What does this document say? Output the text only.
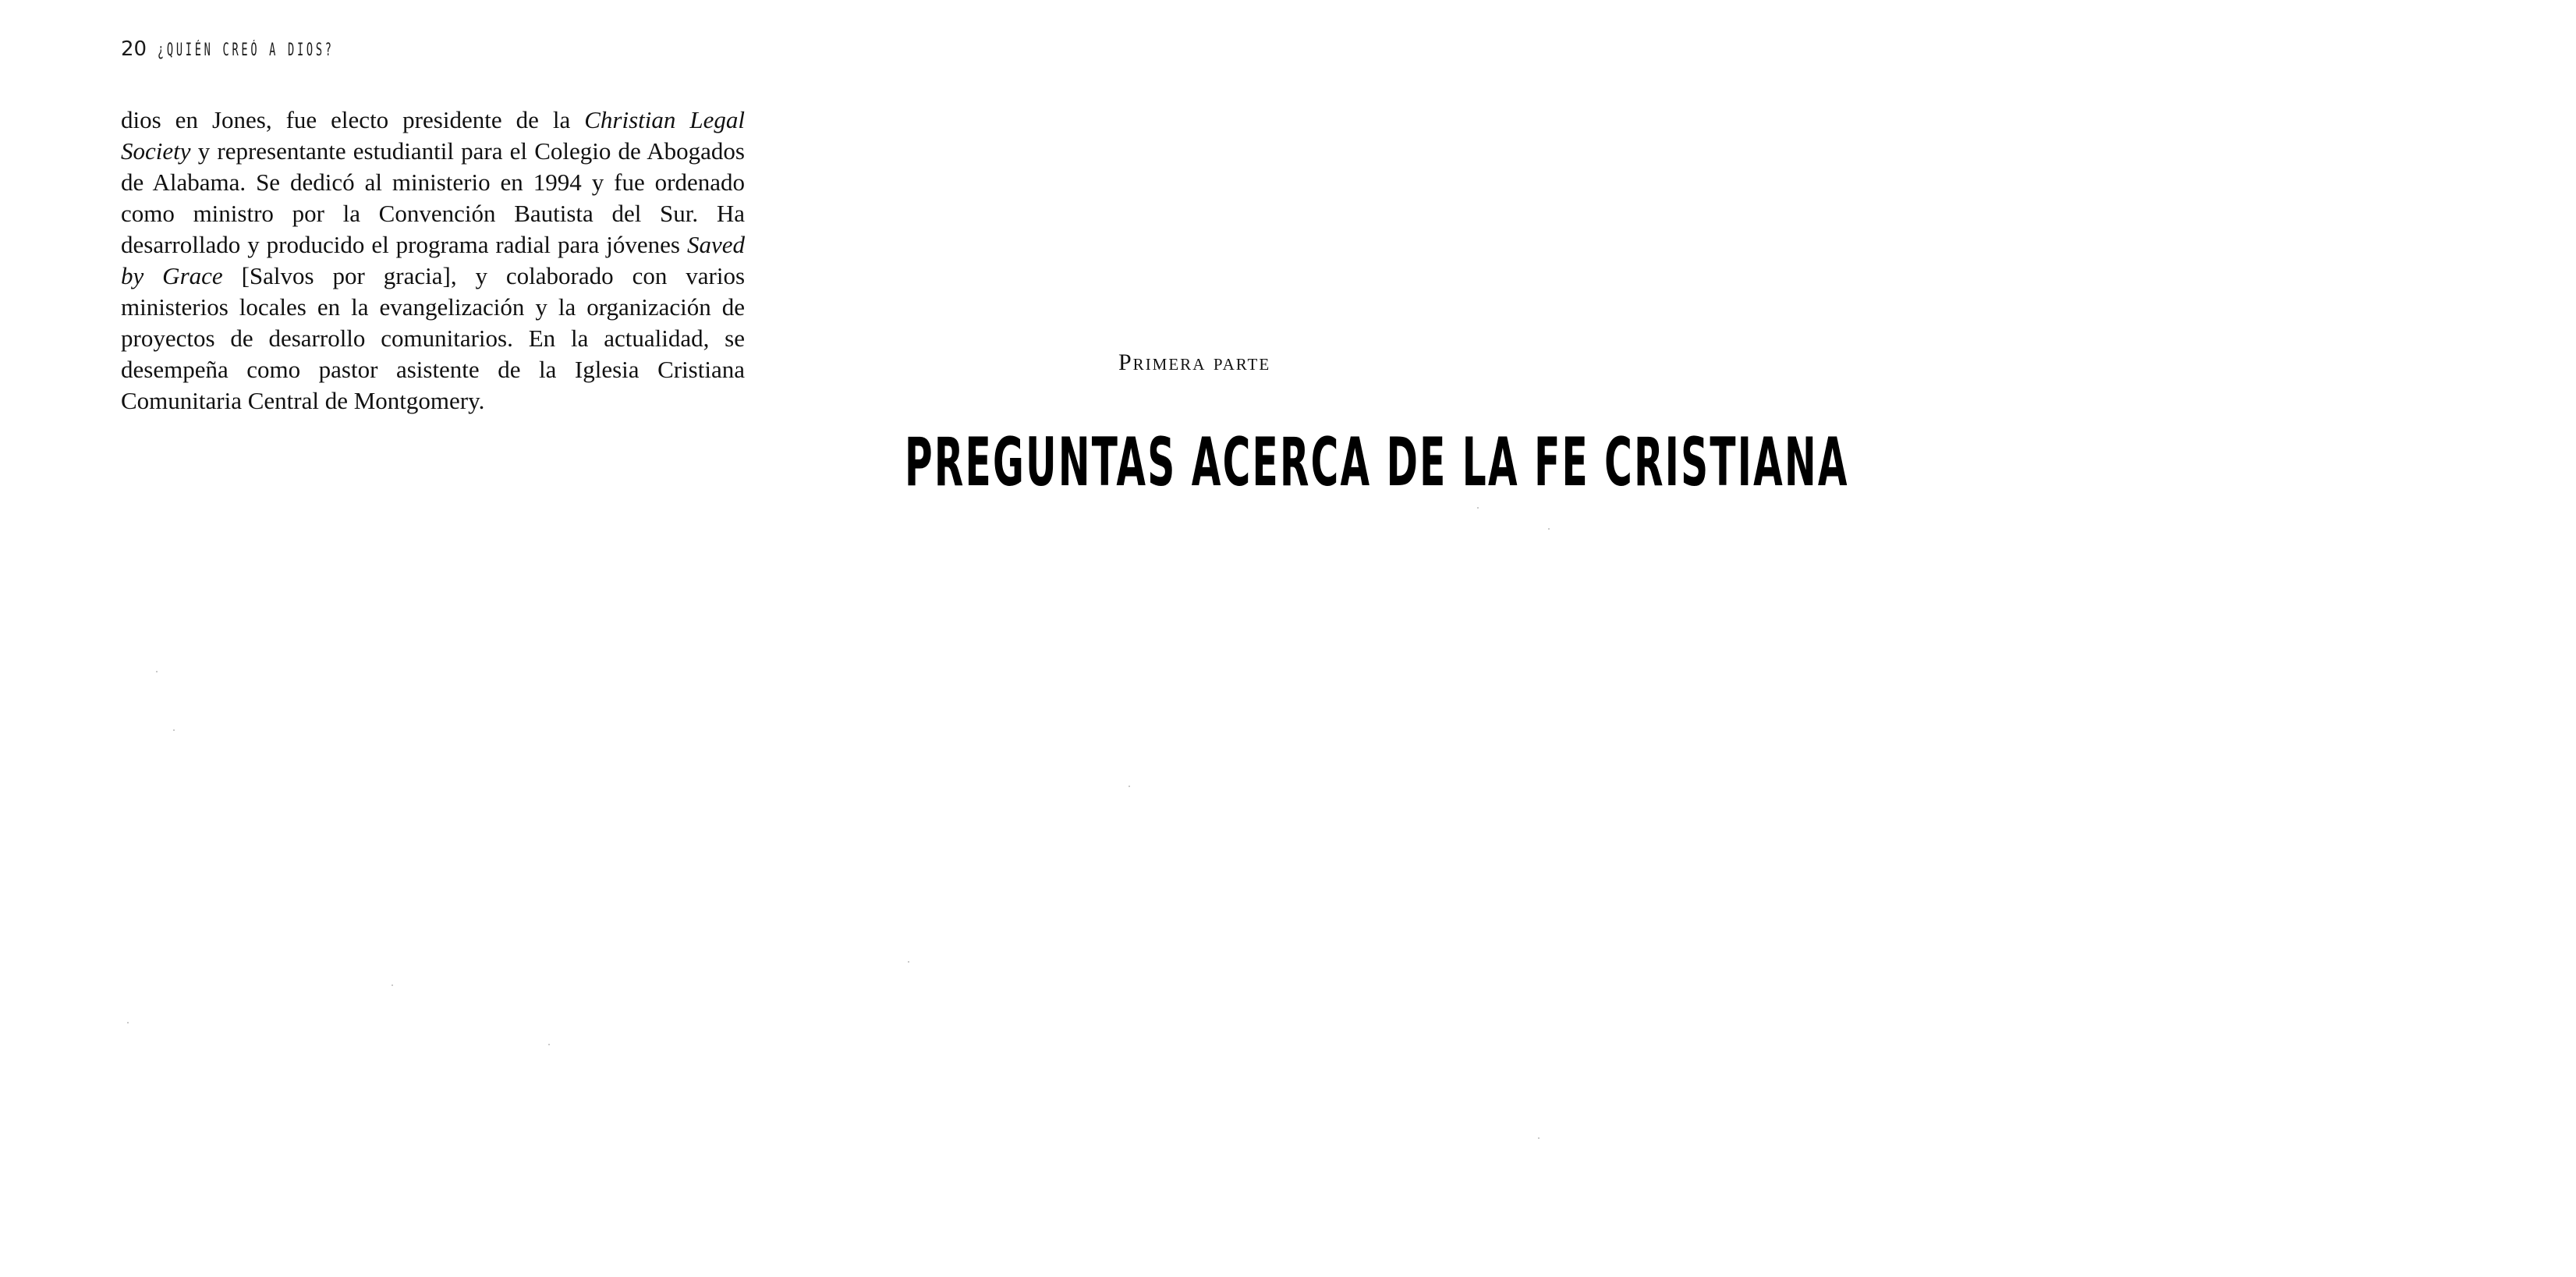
20 ¿QUIÉN CREÓ A DIOS?

dios en Jones, fue electo presidente de la Christian Legal Society y representante estudiantil para el Colegio de Abogados de Alabama. Se dedicó al ministerio en 1994 y fue ordenado como ministro por la Convención Bautista del Sur. Ha desarrollado y producido el programa radial para jóvenes Saved by Grace [Salvos por gracia], y colaborado con varios ministerios locales en la evangelización y la organización de proyectos de desarrollo comunitarios. En la actualidad, se desempeña como pastor asistente de la Iglesia Cristiana Comunitaria Central de Montgomery.

Primera parte
PREGUNTAS ACERCA DE LA FE CRISTIANA
